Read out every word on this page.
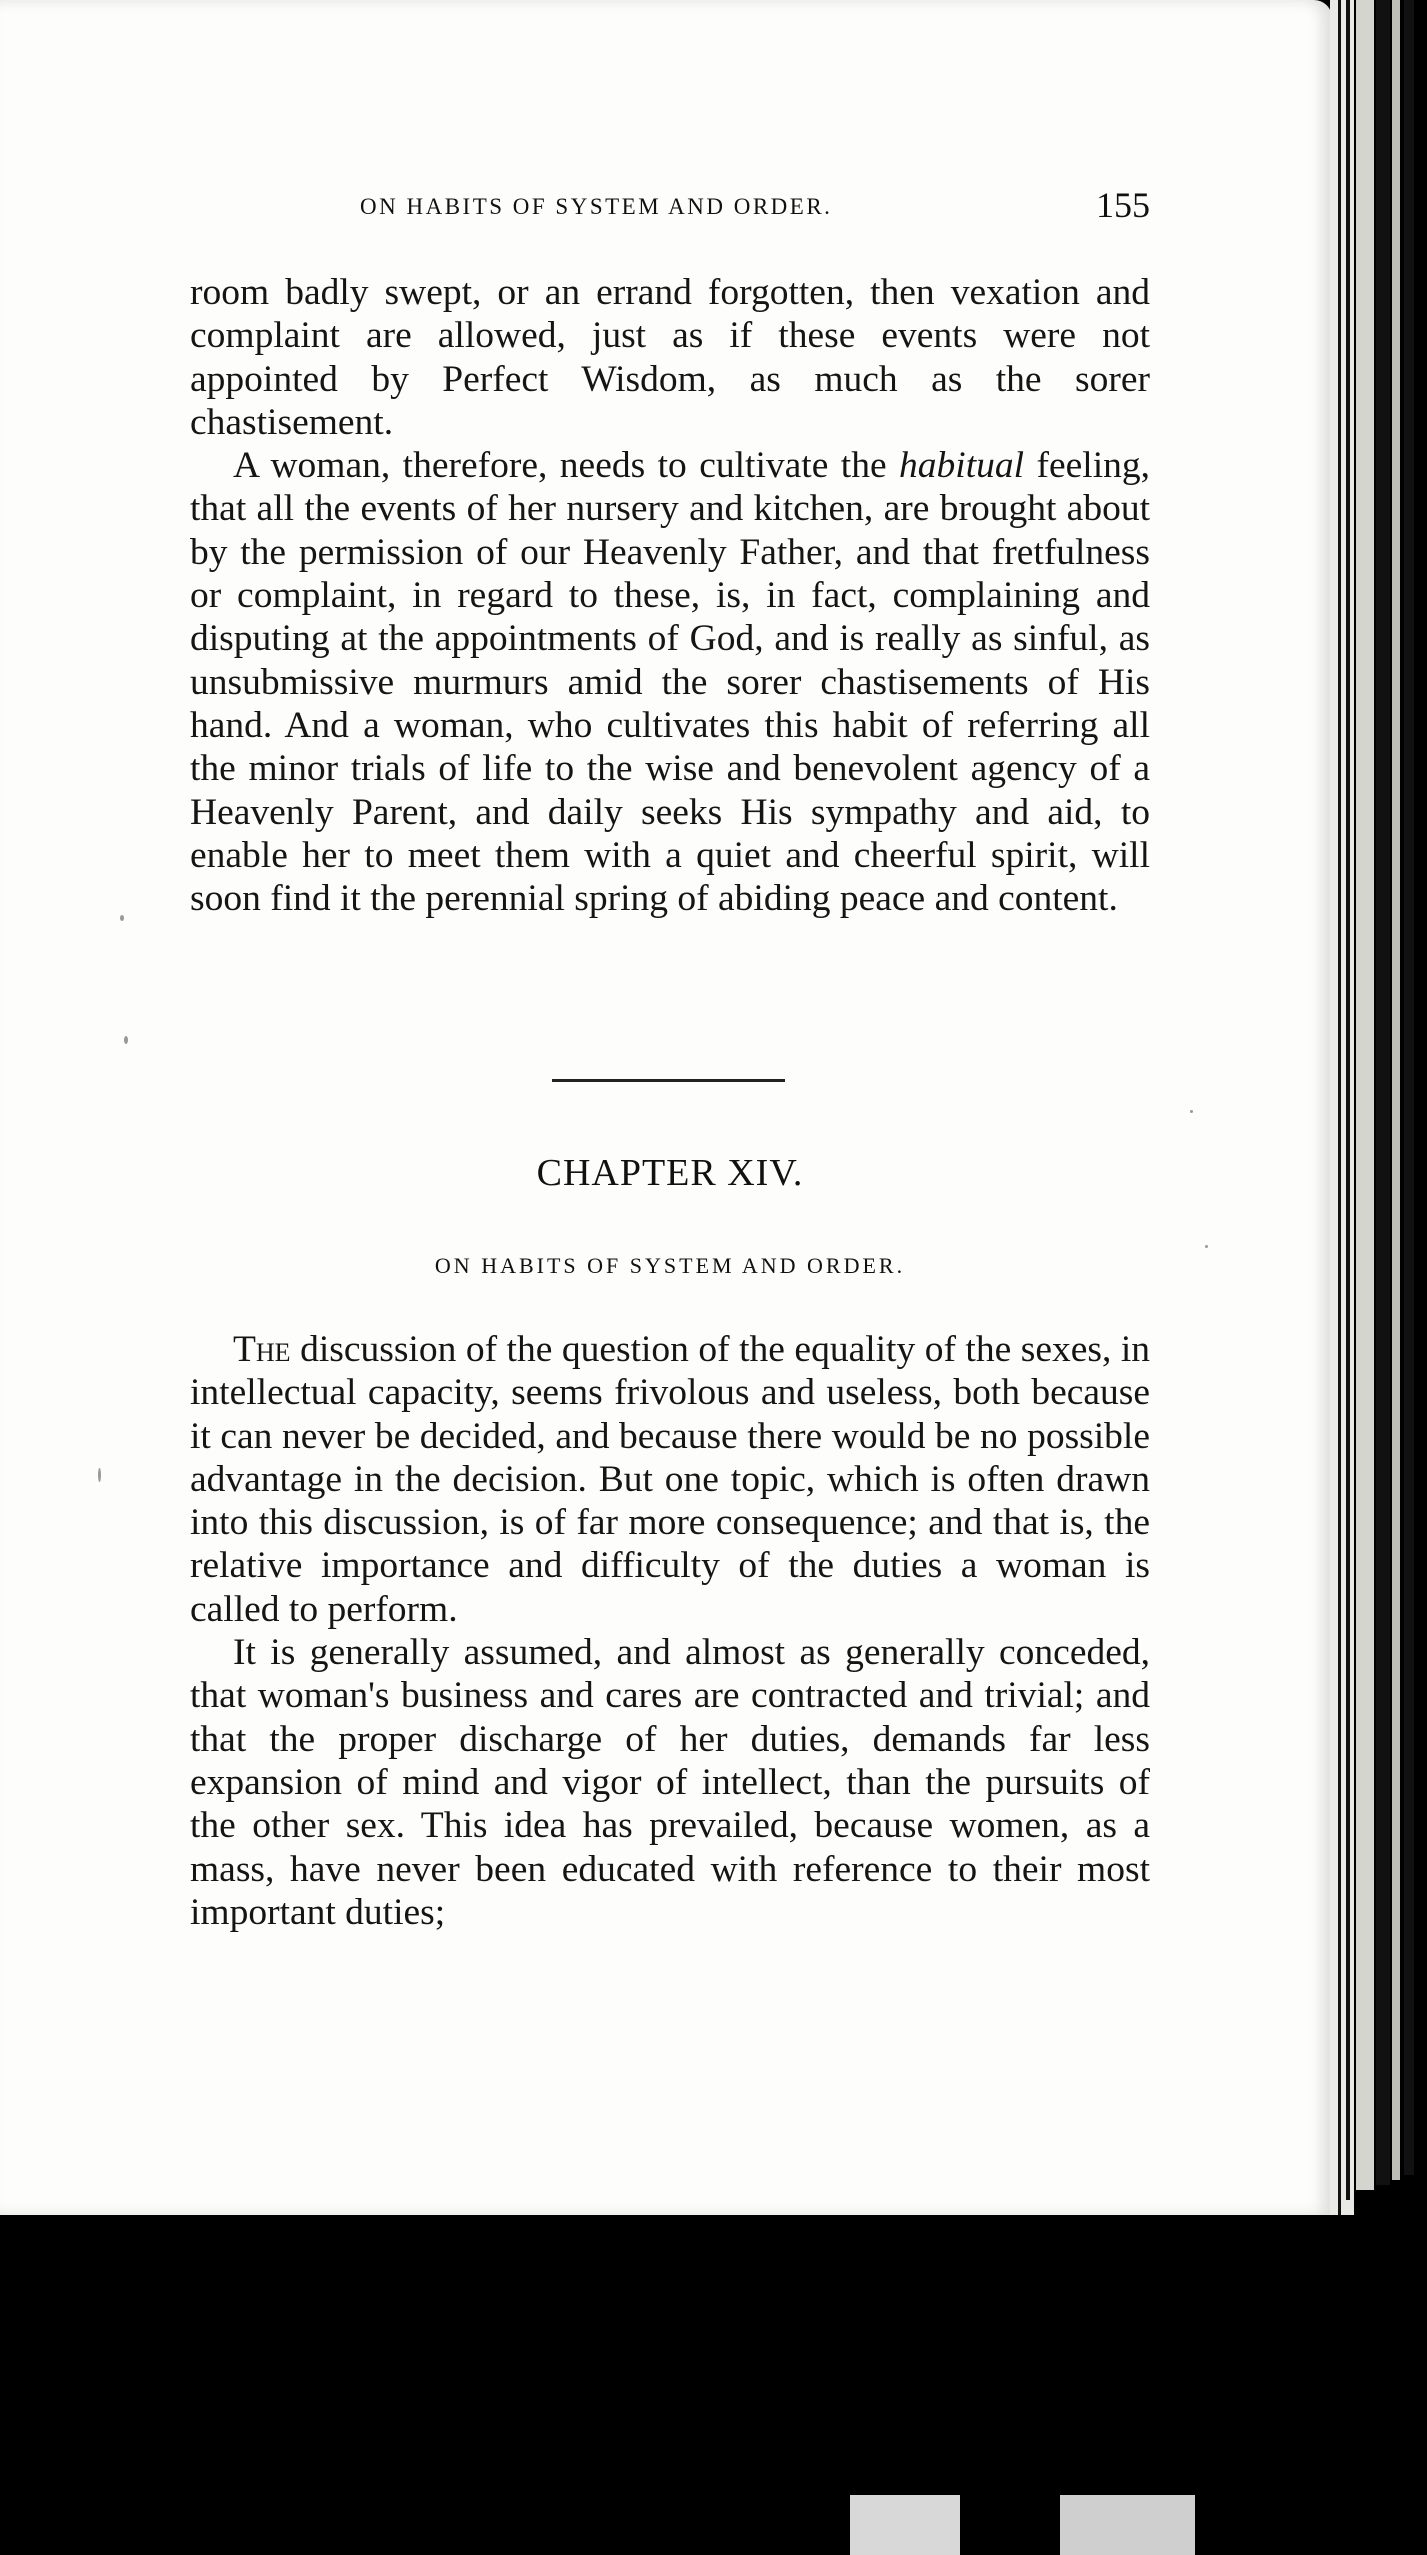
ON HABITS OF SYSTEM AND ORDER.	155

room badly swept, or an errand forgotten, then vexation and complaint are allowed, just as if these events were not appointed by Perfect Wisdom, as much as the sorer chastisement.

A woman, therefore, needs to cultivate the habitual feeling, that all the events of her nursery and kitchen, are brought about by the permission of our Heavenly Father, and that fretfulness or complaint, in regard to these, is, in fact, complaining and disputing at the appointments of God, and is really as sinful, as unsubmissive murmurs amid the sorer chastisements of His hand. And a woman, who cultivates this habit of referring all the minor trials of life to the wise and benevolent agency of a Heavenly Parent, and daily seeks His sympathy and aid, to enable her to meet them with a quiet and cheerful spirit, will soon find it the perennial spring of abiding peace and content.

CHAPTER XIV.
ON HABITS OF SYSTEM AND ORDER.

The discussion of the question of the equality of the sexes, in intellectual capacity, seems frivolous and useless, both because it can never be decided, and because there would be no possible advantage in the decision. But one topic, which is often drawn into this discussion, is of far more consequence; and that is, the relative importance and difficulty of the duties a woman is called to perform.

It is generally assumed, and almost as generally conceded, that woman's business and cares are contracted and trivial; and that the proper discharge of her duties, demands far less expansion of mind and vigor of intellect, than the pursuits of the other sex. This idea has prevailed, because women, as a mass, have never been educated with reference to their most important duties;
